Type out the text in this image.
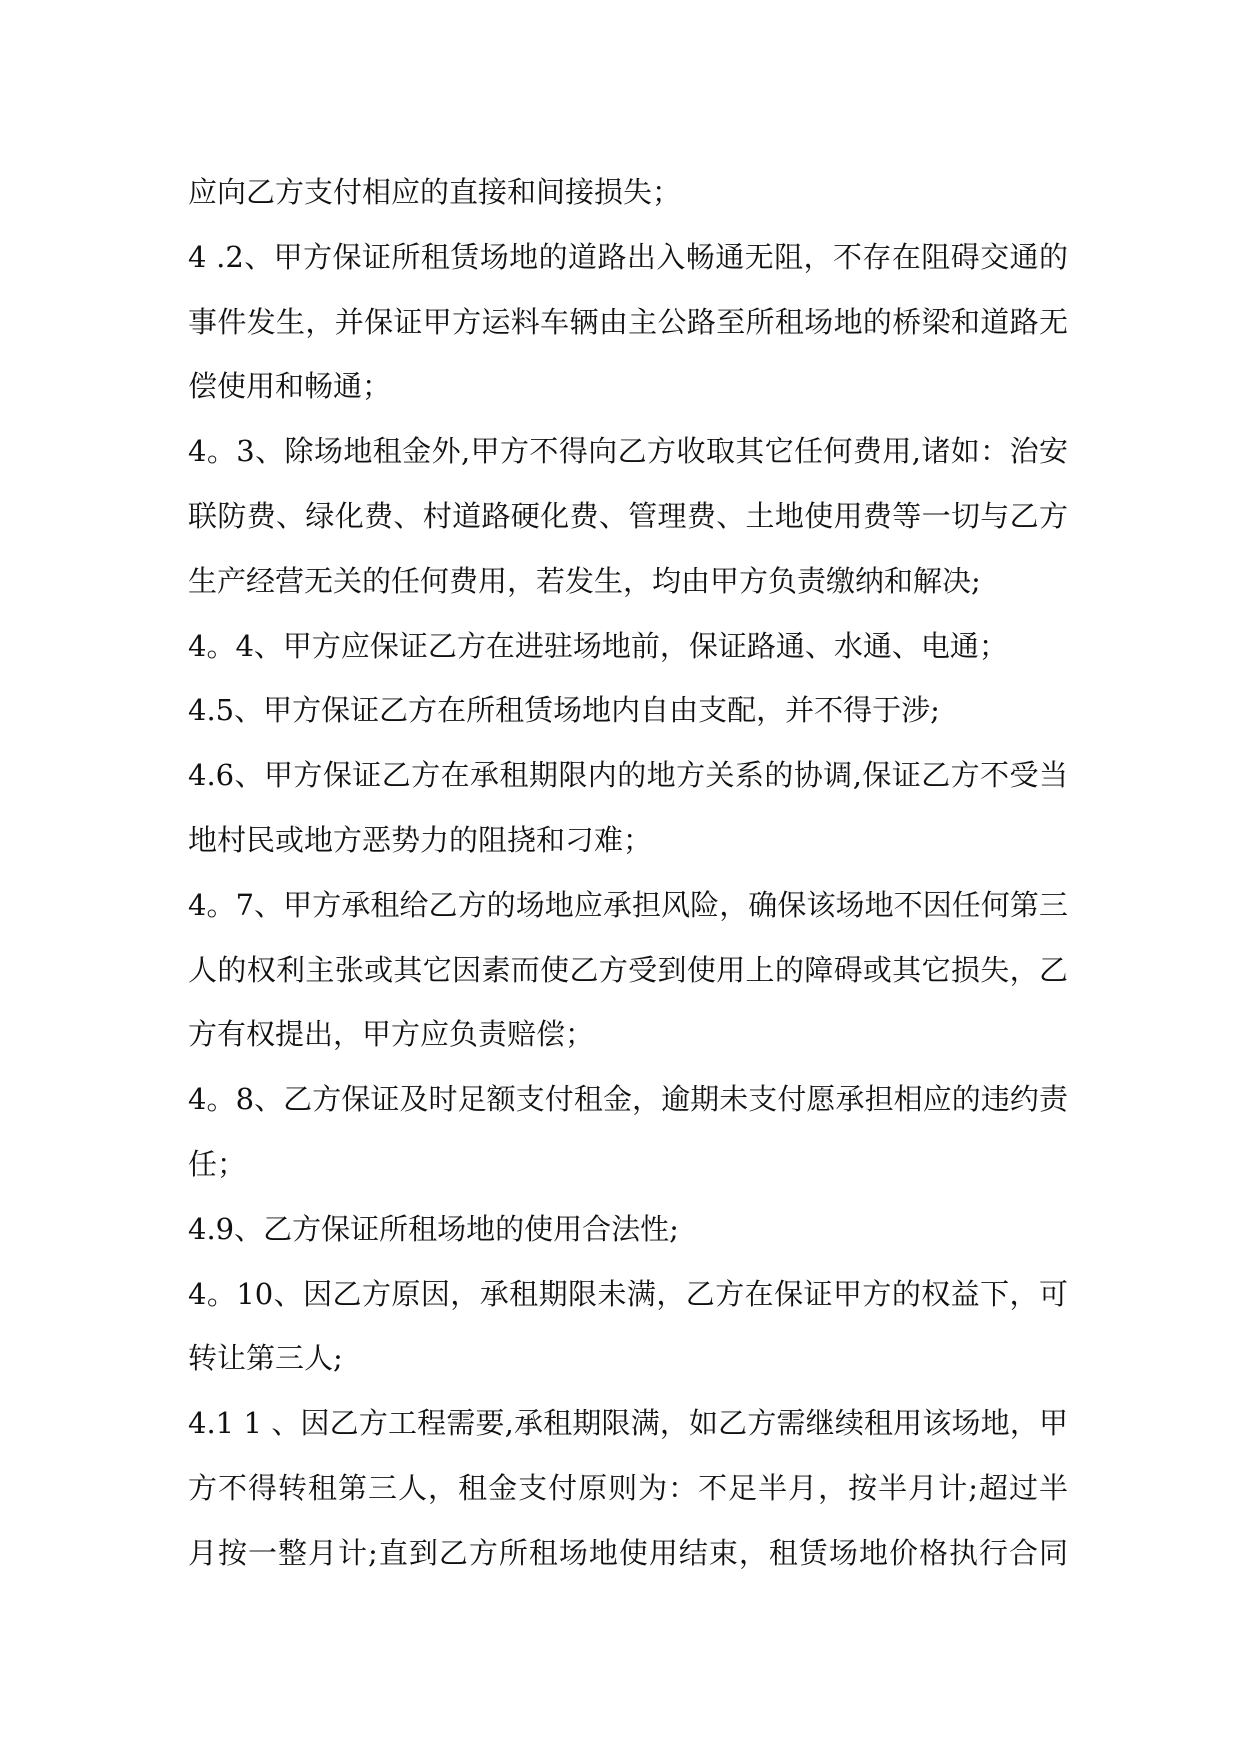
应向乙方支付相应的直接和间接损失；
4 .2、甲方保证所租赁场地的道路出入畅通无阻，不存在阻碍交通的
事件发生，并保证甲方运料车辆由主公路至所租场地的桥梁和道路无
偿使用和畅通；
4。3、除场地租金外,甲方不得向乙方收取其它任何费用,诸如：治安
联防费、绿化费、村道路硬化费、管理费、土地使用费等一切与乙方
生产经营无关的任何费用，若发生，均由甲方负责缴纳和解决;
4。4、甲方应保证乙方在进驻场地前，保证路通、水通、电通；
4.5、甲方保证乙方在所租赁场地内自由支配，并不得于涉;
4.6、甲方保证乙方在承租期限内的地方关系的协调,保证乙方不受当
地村民或地方恶势力的阻挠和刁难；
4。7、甲方承租给乙方的场地应承担风险，确保该场地不因任何第三
人的权利主张或其它因素而使乙方受到使用上的障碍或其它损失，乙
方有权提出，甲方应负责赔偿；
4。8、乙方保证及时足额支付租金，逾期未支付愿承担相应的违约责
任；
4.9、乙方保证所租场地的使用合法性;
4。10、因乙方原因，承租期限未满，乙方在保证甲方的权益下，可
转让第三人;
4.1 1 、因乙方工程需要,承租期限满，如乙方需继续租用该场地，甲
方不得转租第三人，租金支付原则为：不足半月，按半月计;超过半
月按一整月计;直到乙方所租场地使用结束，租赁场地价格执行合同
